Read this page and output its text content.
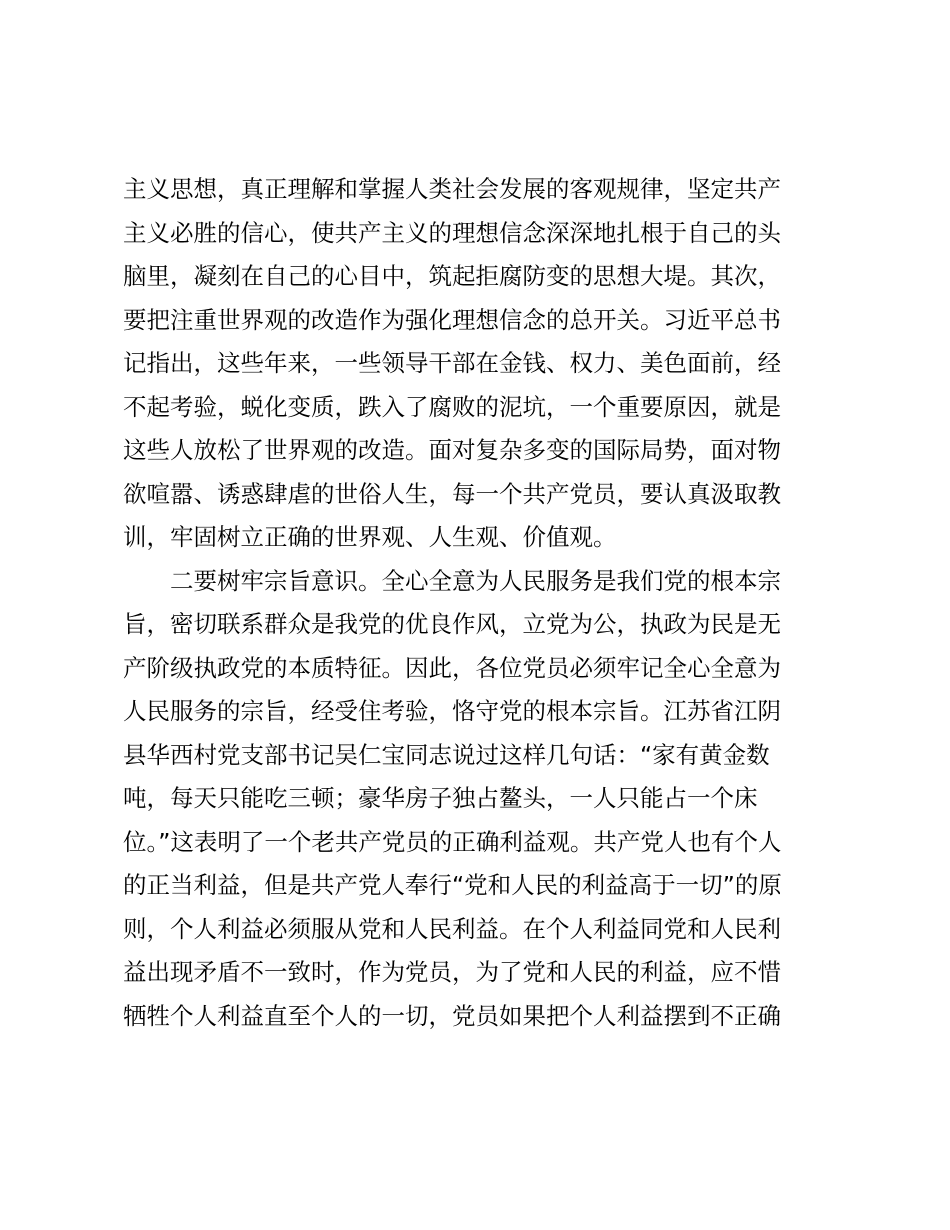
主义思想，真正理解和掌握人类社会发展的客观规律，坚定共产
主义必胜的信心，使共产主义的理想信念深深地扎根于自己的头
脑里，凝刻在自己的心目中，筑起拒腐防变的思想大堤。其次，
要把注重世界观的改造作为强化理想信念的总开关。习近平总书
记指出，这些年来，一些领导干部在金钱、权力、美色面前，经
不起考验，蜕化变质，跌入了腐败的泥坑，一个重要原因，就是
这些人放松了世界观的改造。面对复杂多变的国际局势，面对物
欲喧嚣、诱惑肆虐的世俗人生，每一个共产党员，要认真汲取教
训，牢固树立正确的世界观、人生观、价值观。
二要树牢宗旨意识。全心全意为人民服务是我们党的根本宗
旨，密切联系群众是我党的优良作风，立党为公，执政为民是无
产阶级执政党的本质特征。因此，各位党员必须牢记全心全意为
人民服务的宗旨，经受住考验，恪守党的根本宗旨。江苏省江阴
县华西村党支部书记吴仁宝同志说过这样几句话：“家有黄金数
吨，每天只能吃三顿；豪华房子独占鳌头，一人只能占一个床
位。”这表明了一个老共产党员的正确利益观。共产党人也有个人
的正当利益，但是共产党人奉行“党和人民的利益高于一切”的原
则，个人利益必须服从党和人民利益。在个人利益同党和人民利
益出现矛盾不一致时，作为党员，为了党和人民的利益，应不惜
牺牲个人利益直至个人的一切，党员如果把个人利益摆到不正确
